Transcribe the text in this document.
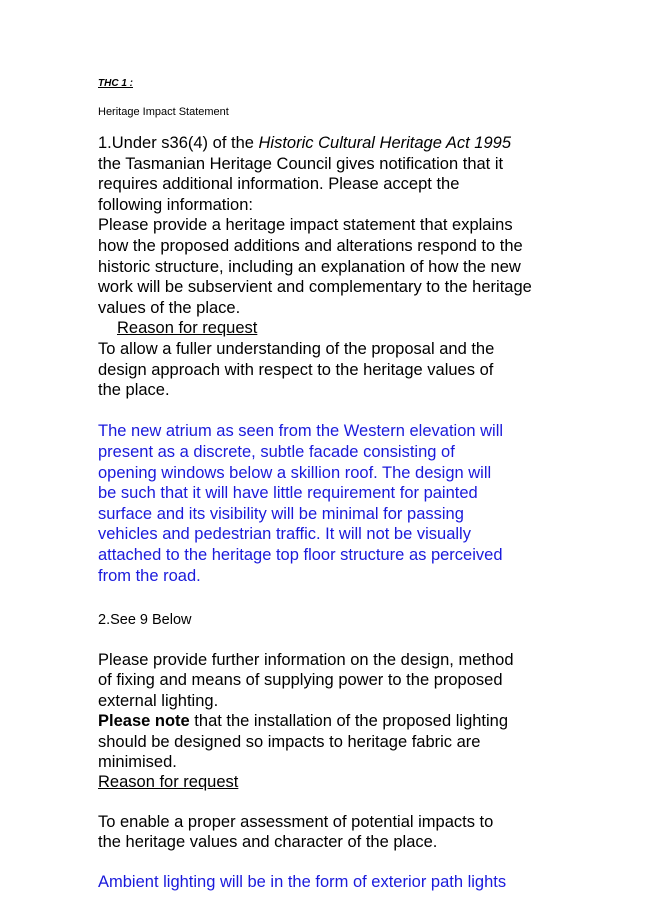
THC 1 :
Heritage Impact Statement
1.Under s36(4) of the Historic Cultural Heritage Act 1995
the Tasmanian Heritage Council gives notification that it
requires additional information. Please accept the
following information:
Please provide a heritage impact statement that explains
how the proposed additions and alterations respond to the
historic structure, including an explanation of how the new
work will be subservient and complementary to the heritage
values of the place.
Reason for request
To allow a fuller understanding of the proposal and the
design approach with respect to the heritage values of
the place.
The new atrium as seen from the Western elevation will
present as a discrete, subtle facade consisting of
opening windows below a skillion roof. The design will
be such that it will have little requirement for painted
surface and its visibility will be minimal for passing
vehicles and pedestrian traffic. It will not be visually
attached to the heritage top floor structure as perceived
from the road.
2.See 9 Below
Please provide further information on the design, method
of fixing and means of supplying power to the proposed
external lighting.
Please note that the installation of the proposed lighting
should be designed so impacts to heritage fabric are
minimised.
Reason for request
To enable a proper assessment of potential impacts to
the heritage values and character of the place.
Ambient lighting will be in the form of exterior path lights
